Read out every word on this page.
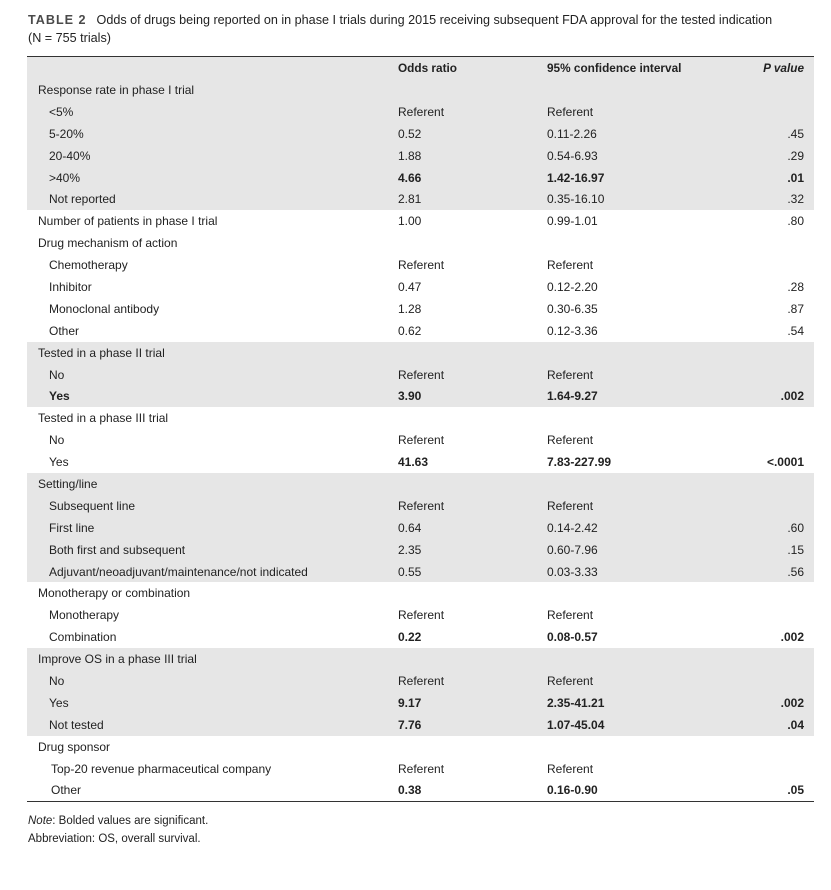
TABLE 2 Odds of drugs being reported on in phase I trials during 2015 receiving subsequent FDA approval for the tested indication
(N = 755 trials)
	Odds ratio	95% confidence interval	P value
Response rate in phase I trial			
<5%	Referent	Referent	
5-20%	0.52	0.11-2.26	.45
20-40%	1.88	0.54-6.93	.29
>40%	4.66	1.42-16.97	.01
Not reported	2.81	0.35-16.10	.32
Number of patients in phase I trial	1.00	0.99-1.01	.80
Drug mechanism of action			
Chemotherapy	Referent	Referent	
Inhibitor	0.47	0.12-2.20	.28
Monoclonal antibody	1.28	0.30-6.35	.87
Other	0.62	0.12-3.36	.54
Tested in a phase II trial			
No	Referent	Referent	
Yes	3.90	1.64-9.27	.002
Tested in a phase III trial			
No	Referent	Referent	
Yes	41.63	7.83-227.99	<.0001
Setting/line			
Subsequent line	Referent	Referent	
First line	0.64	0.14-2.42	.60
Both first and subsequent	2.35	0.60-7.96	.15
Adjuvant/neoadjuvant/maintenance/not indicated	0.55	0.03-3.33	.56
Monotherapy or combination			
Monotherapy	Referent	Referent	
Combination	0.22	0.08-0.57	.002
Improve OS in a phase III trial			
No	Referent	Referent	
Yes	9.17	2.35-41.21	.002
Not tested	7.76	1.07-45.04	.04
Drug sponsor			
Top-20 revenue pharmaceutical company	Referent	Referent	
Other	0.38	0.16-0.90	.05
Note: Bolded values are significant.
Abbreviation: OS, overall survival.
